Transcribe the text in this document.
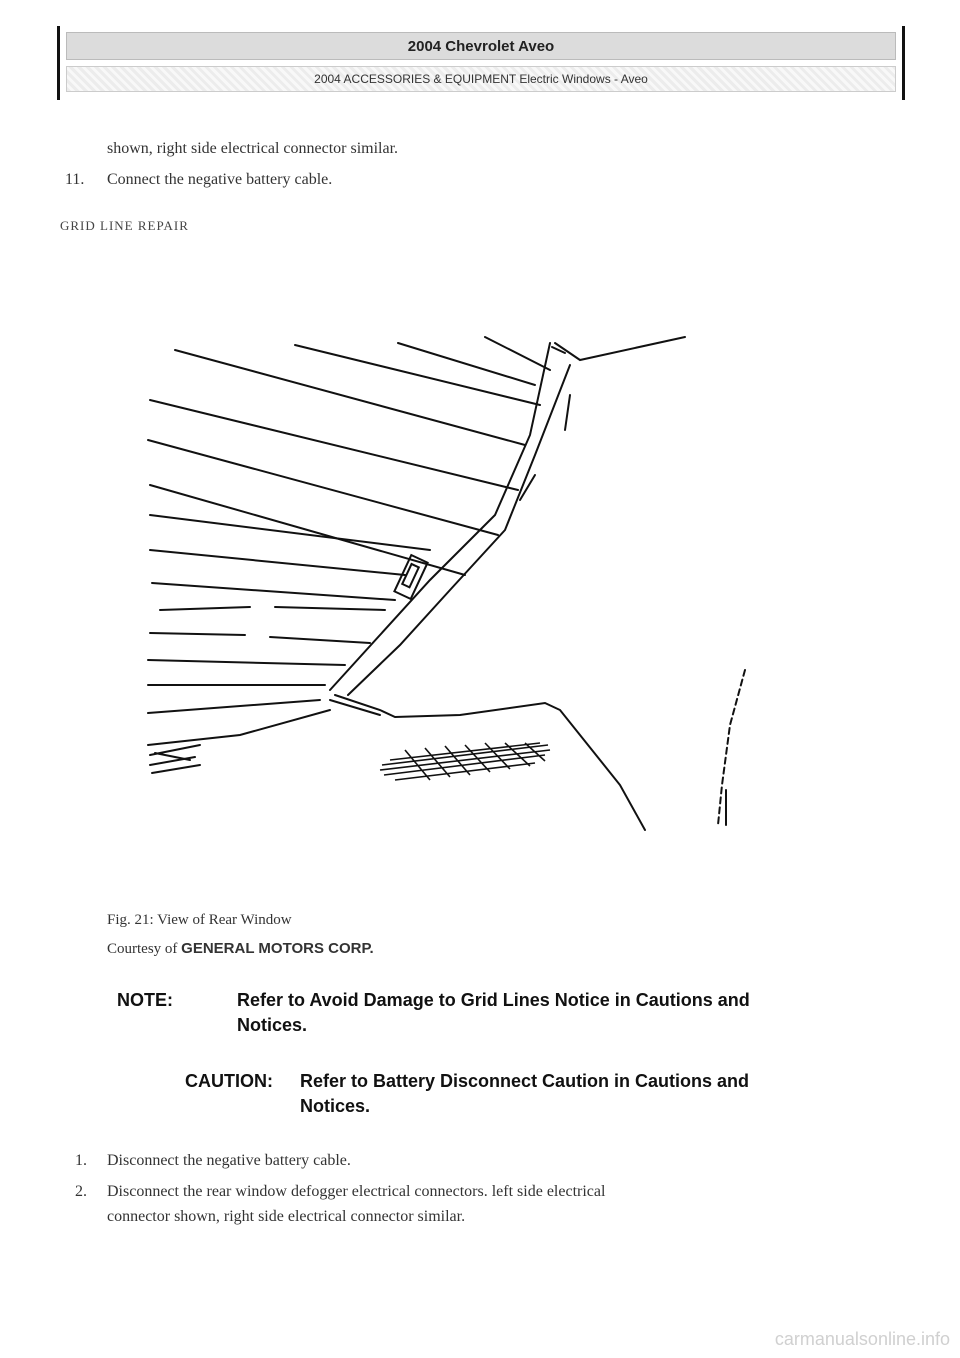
2004 Chevrolet Aveo
2004 ACCESSORIES & EQUIPMENT Electric Windows - Aveo
shown, right side electrical connector similar.
11. Connect the negative battery cable.
GRID LINE REPAIR
Fig. 21: View of Rear Window
Courtesy of GENERAL MOTORS CORP.
NOTE:	Refer to Avoid Damage to Grid Lines Notice in Cautions and
Notices.
CAUTION: Refer to Battery Disconnect Caution in Cautions and
Notices.
1. Disconnect the negative battery cable.
2. Disconnect the rear window defogger electrical connectors. left side electrical
connector shown, right side electrical connector similar.
carmanualsonline.info
